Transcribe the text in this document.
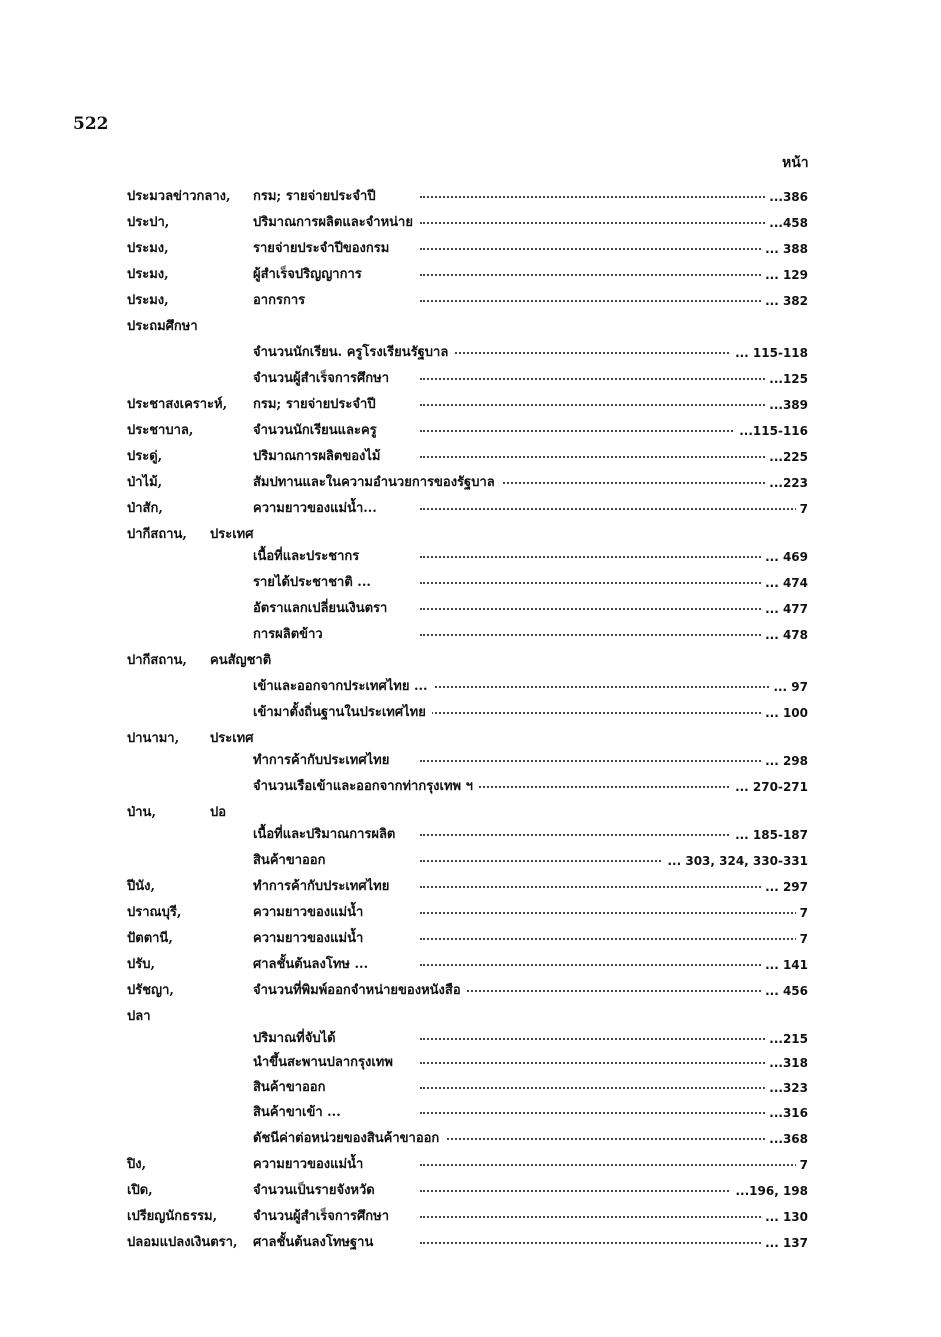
522
หน้า
ประมวลข่าวกลาง, กรม; รายจ่ายประจำปี	...386
ประปา,	ปริมาณการผลิตและจำหน่าย	...458
ประมง,	รายจ่ายประจำปีของกรม	... 388
ประมง,	ผู้สำเร็จปริญญาการ	... 129
ประมง,	อากรการ	... 382
ประถมศึกษา
จำนวนนักเรียน. ครูโรงเรียนรัฐบาล	... 115-118
จำนวนผู้สำเร็จการศึกษา	...125
ประชาสงเคราะห์, กรม; รายจ่ายประจำปี	...389
ประชาบาล,	จำนวนนักเรียนและครู	...115-116
ประดู่,	ปริมาณการผลิตของไม้	...225
ป่าไม้,	สัมปทานและในความอำนวยการของรัฐบาล	...223
ป่าสัก,	ความยาวของแม่น้ำ...	7
ปากีสถาน, ประเทศ
เนื้อที่และประชากร	... 469
รายได้ประชาชาติ ...	... 474
อัตราแลกเปลี่ยนเงินตรา	... 477
การผลิตข้าว	... 478
ปากีสถาน, คนสัญชาติ
เข้าและออกจากประเทศไทย ...	... 97
เข้ามาตั้งถิ่นฐานในประเทศไทย	... 100
ปานามา, ประเทศ
ทำการค้ากับประเทศไทย	... 298
จำนวนเรือเข้าและออกจากท่ากรุงเทพ ฯ	... 270-271
ป่าน,	ปอ
เนื้อที่และปริมาณการผลิต	... 185-187
สินค้าขาออก	... 303, 324, 330-331
ปีนัง,	ทำการค้ากับประเทศไทย	... 297
ปราณบุรี,	ความยาวของแม่น้ำ	7
ปัตตานี,	ความยาวของแม่น้ำ	7
ปรับ,	ศาลชั้นต้นลงโทษ ...	... 141
ปรัชญา,	จำนวนที่พิมพ์ออกจำหน่ายของหนังสือ	... 456
ปลา
ปริมาณที่จับได้	...215
นำขึ้นสะพานปลากรุงเทพ	...318
สินค้าขาออก	...323
สินค้าขาเข้า ...	...316
ดัชนีค่าต่อหน่วยของสินค้าขาออก	...368
ปิง,	ความยาวของแม่น้ำ	7
เปิด,	จำนวนเป็นรายจังหวัด	...196, 198
เปรียญนักธรรม,	จำนวนผู้สำเร็จการศึกษา	... 130
ปลอมแปลงเงินตรา, ศาลชั้นต้นลงโทษฐาน	... 137
